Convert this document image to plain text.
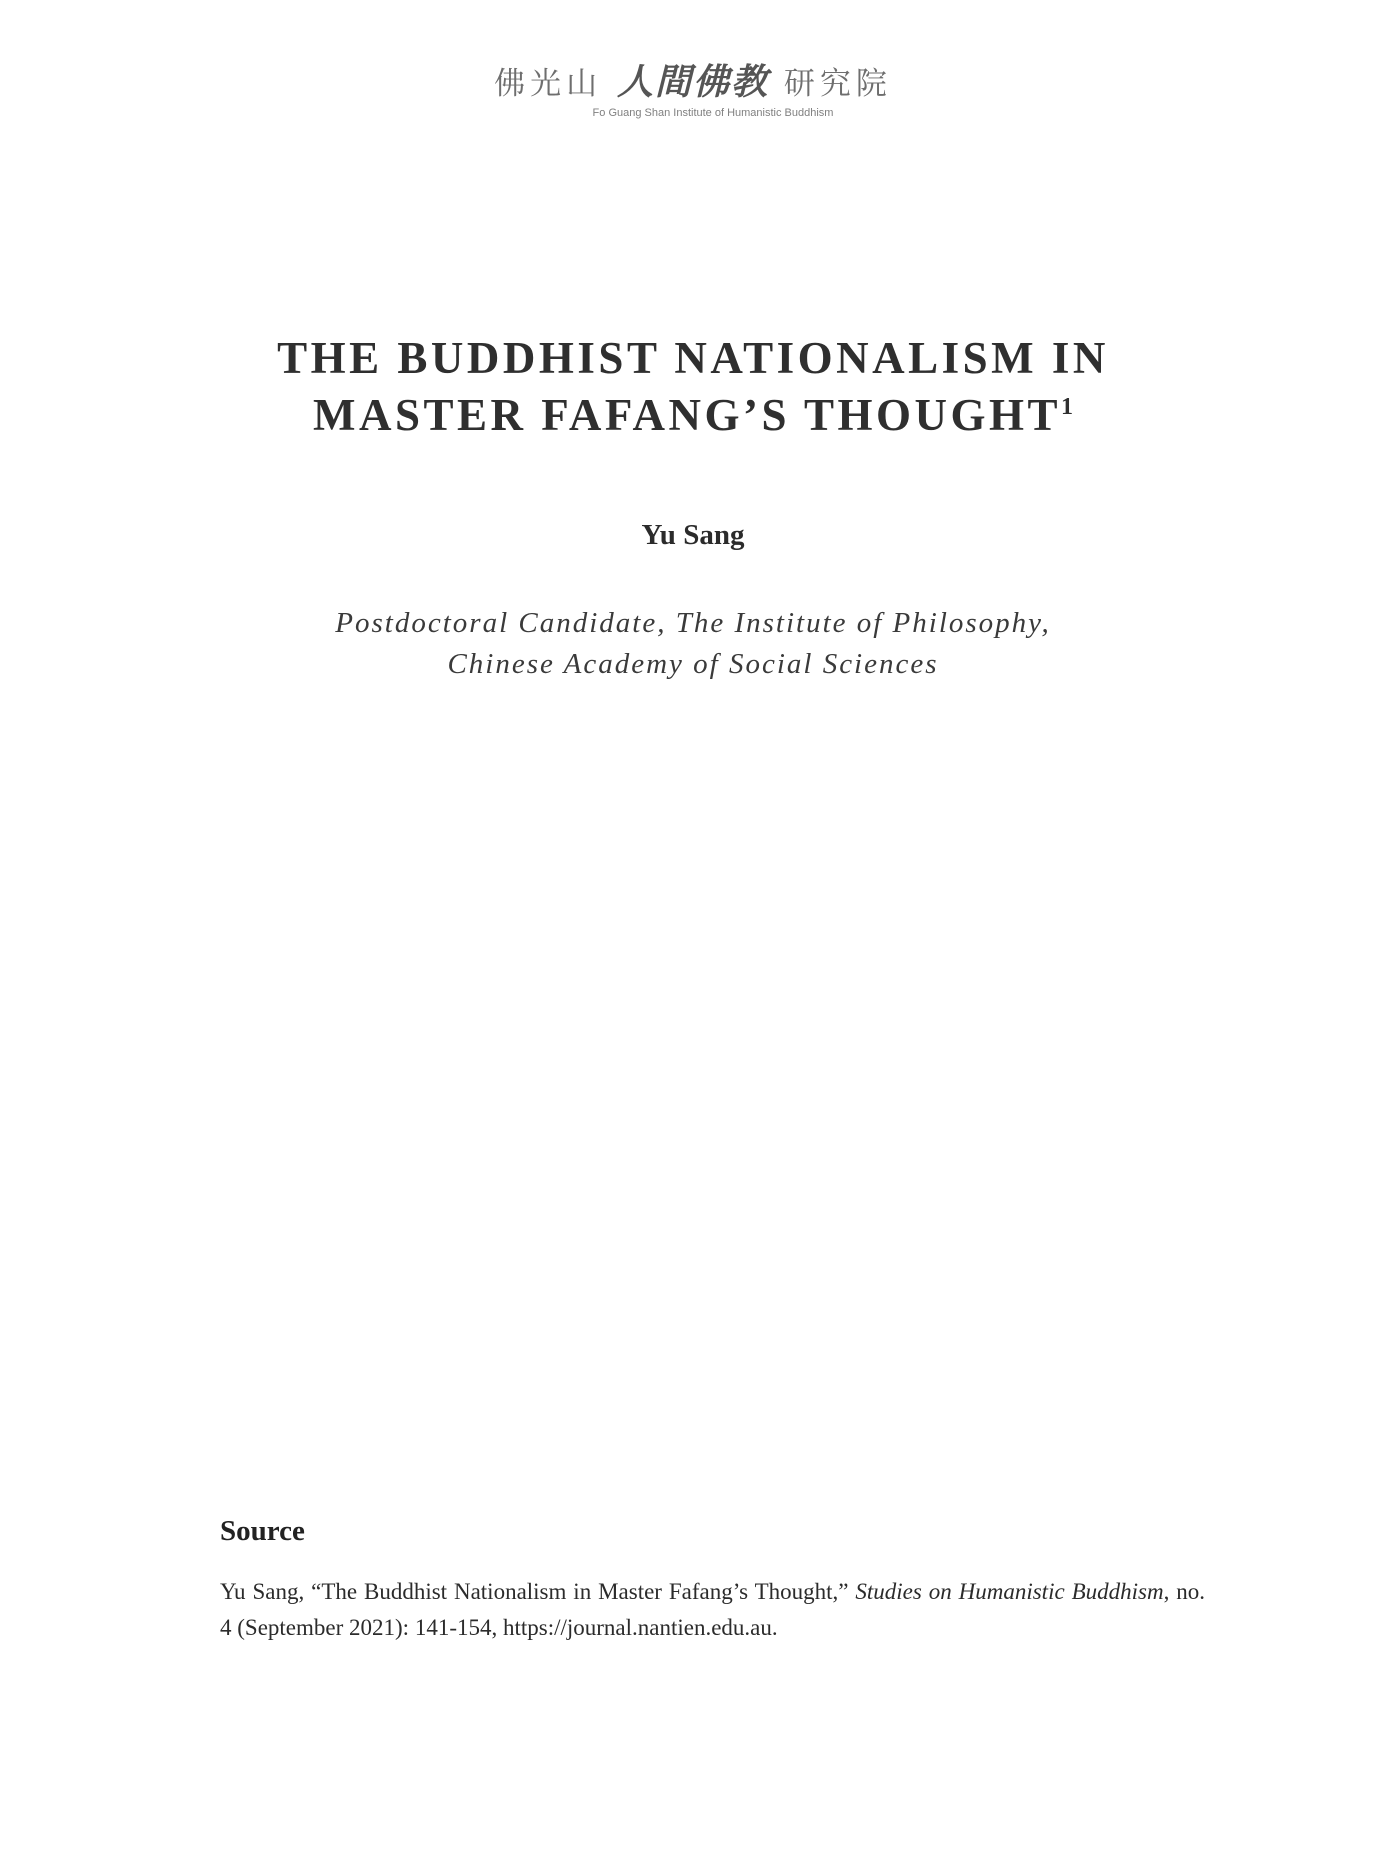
佛光山 人間佛教 研究院
Fo Guang Shan Institute of Humanistic Buddhism
THE BUDDHIST NATIONALISM IN
MASTER FAFANG’S THOUGHT$^1$
Yu Sang
Postdoctoral Candidate, The Institute of Philosophy,
Chinese Academy of Social Sciences
Source
Yu Sang, “The Buddhist Nationalism in Master Fafang’s Thought,” Studies on Humanistic Buddhism, no. 4 (September 2021): 141-154, https://journal.nantien.edu.au.
